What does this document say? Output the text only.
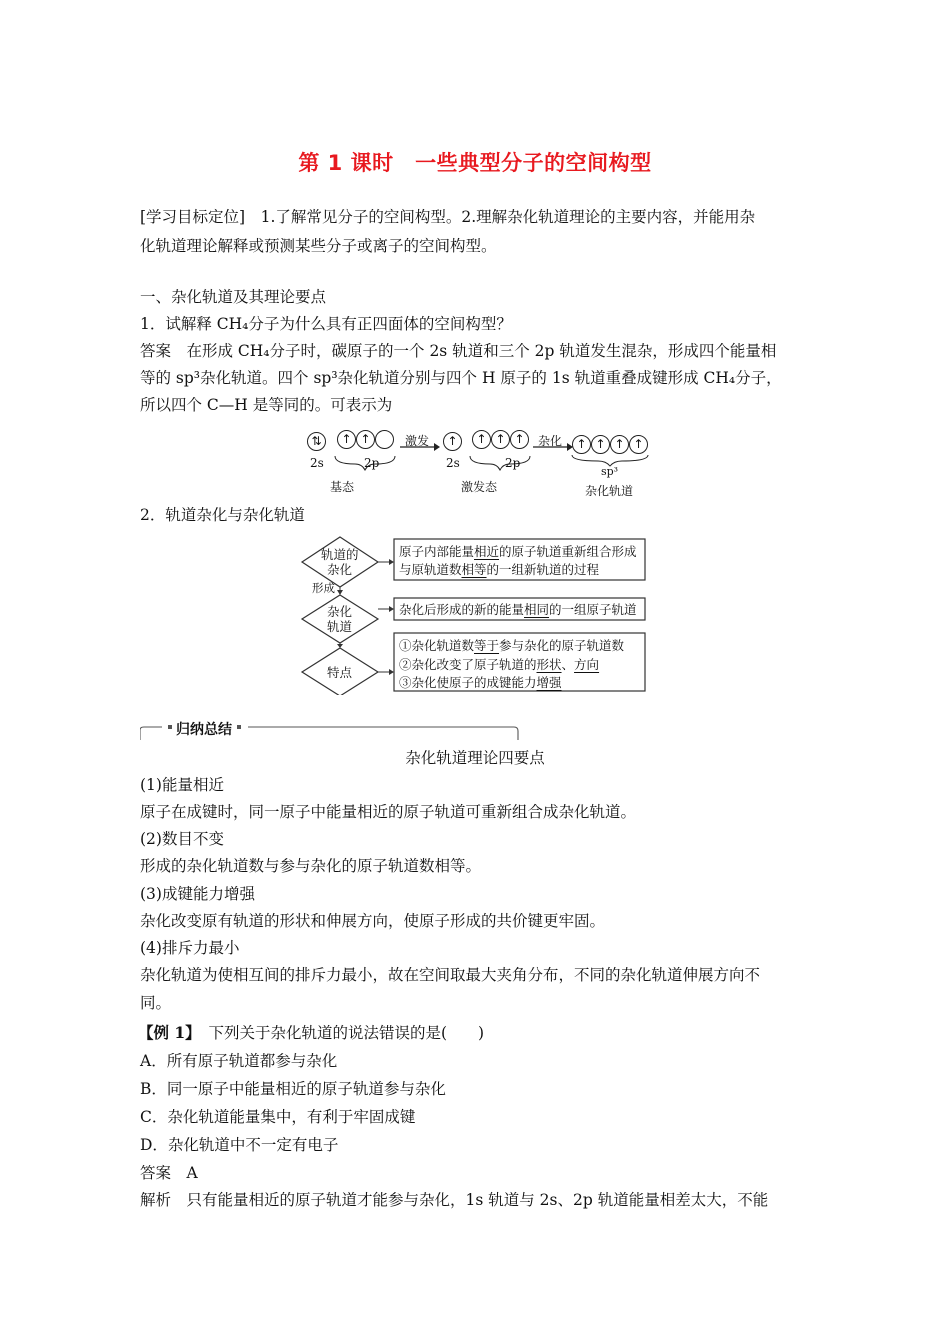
第 1 课时　一些典型分子的空间构型
[学习目标定位]　1.了解常见分子的空间构型。2.理解杂化轨道理论的主要内容，并能用杂
化轨道理论解释或预测某些分子或离子的空间构型。
一、杂化轨道及其理论要点
1．试解释 CH₄分子为什么具有正四面体的空间构型？
答案　在形成 CH₄分子时，碳原子的一个 2s 轨道和三个 2p 轨道发生混杂，形成四个能量相
等的 sp³杂化轨道。四个 sp³杂化轨道分别与四个 H 原子的 1s 轨道重叠成键形成 CH₄分子，
所以四个 C—H 是等同的。可表示为
⇅	↑ ↑
2s	2p
基态
激发	↑	↑ ↑ ↑
2s	2p
激发态
杂化	↑ ↑ ↑ ↑
sp³
杂化轨道
2．轨道杂化与杂化轨道
轨道的
杂化
形成
杂化
轨道
特点
原子内部能量相近的原子轨道重新组合形成
与原轨道数相等的一组新轨道的过程
杂化后形成的新的能量相同的一组原子轨道
①杂化轨道数等于参与杂化的原子轨道数
②杂化改变了原子轨道的形状、方向
③杂化使原子的成键能力增强
归纳总结
杂化轨道理论四要点
(1)能量相近
原子在成键时，同一原子中能量相近的原子轨道可重新组合成杂化轨道。
(2)数目不变
形成的杂化轨道数与参与杂化的原子轨道数相等。
(3)成键能力增强
杂化改变原有轨道的形状和伸展方向，使原子形成的共价键更牢固。
(4)排斥力最小
杂化轨道为使相互间的排斥力最小，故在空间取最大夹角分布，不同的杂化轨道伸展方向不
同。
【例 1】　 下列关于杂化轨道的说法错误的是(　　)
A．所有原子轨道都参与杂化
B．同一原子中能量相近的原子轨道参与杂化
C．杂化轨道能量集中，有利于牢固成键
D．杂化轨道中不一定有电子
答案　A
解析　只有能量相近的原子轨道才能参与杂化，1s 轨道与 2s、2p 轨道能量相差太大，不能
